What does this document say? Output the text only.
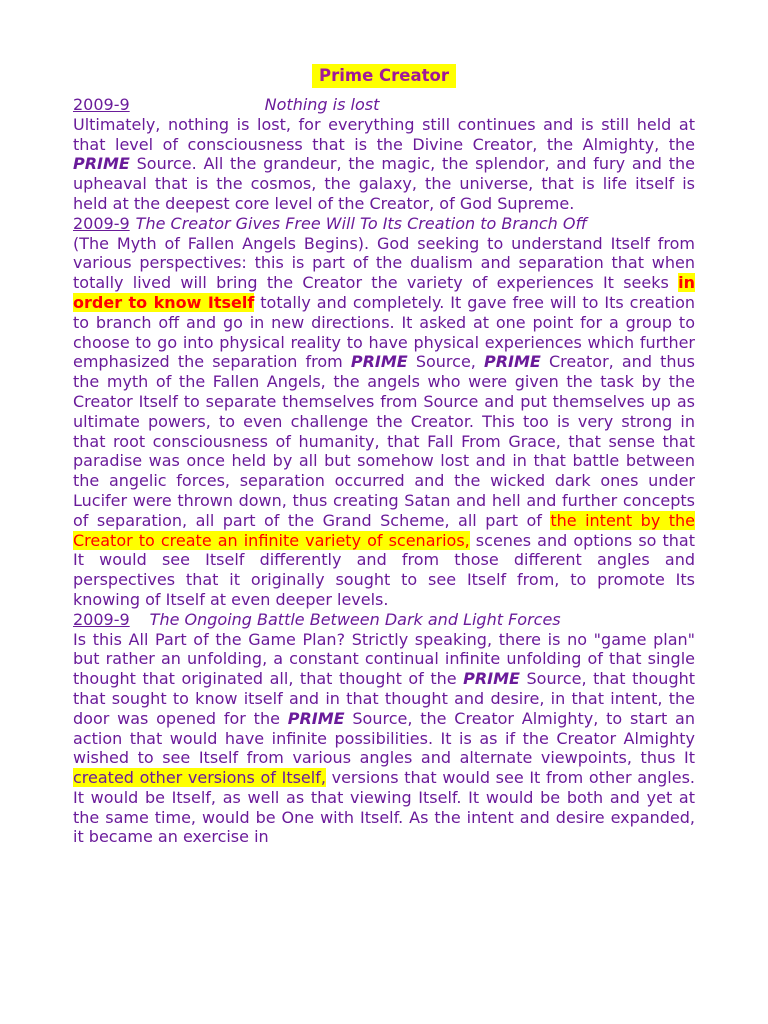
Prime Creator
2009-9	Nothing is lost

Ultimately, nothing is lost, for everything still continues and is still held at that level of consciousness that is the Divine Creator, the Almighty, the PRIME Source. All the grandeur, the magic, the splendor, and fury and the upheaval that is the cosmos, the galaxy, the universe, that is life itself is held at the deepest core level of the Creator, of God Supreme.

2009-9 The Creator Gives Free Will To Its Creation to Branch Off

(The Myth of Fallen Angels Begins). God seeking to understand Itself from various perspectives: this is part of the dualism and separation that when totally lived will bring the Creator the variety of experiences It seeks in order to know Itself totally and completely. It gave free will to Its creation to branch off and go in new directions. It asked at one point for a group to choose to go into physical reality to have physical experiences which further emphasized the separation from PRIME Source, PRIME Creator, and thus the myth of the Fallen Angels, the angels who were given the task by the Creator Itself to separate themselves from Source and put themselves up as ultimate powers, to even challenge the Creator. This too is very strong in that root consciousness of humanity, that Fall From Grace, that sense that paradise was once held by all but somehow lost and in that battle between the angelic forces, separation occurred and the wicked dark ones under Lucifer were thrown down, thus creating Satan and hell and further concepts of separation, all part of the Grand Scheme, all part of the intent by the Creator to create an infinite variety of scenarios, scenes and options so that It would see Itself differently and from those different angles and perspectives that it originally sought to see Itself from, to promote Its knowing of Itself at even deeper levels.

2009-9 The Ongoing Battle Between Dark and Light Forces

Is this All Part of the Game Plan? Strictly speaking, there is no "game plan" but rather an unfolding, a constant continual infinite unfolding of that single thought that originated all, that thought of the PRIME Source, that thought that sought to know itself and in that thought and desire, in that intent, the door was opened for the PRIME Source, the Creator Almighty, to start an action that would have infinite possibilities. It is as if the Creator Almighty wished to see Itself from various angles and alternate viewpoints, thus It created other versions of Itself, versions that would see It from other angles. It would be Itself, as well as that viewing Itself. It would be both and yet at the same time, would be One with Itself. As the intent and desire expanded, it became an exercise in
